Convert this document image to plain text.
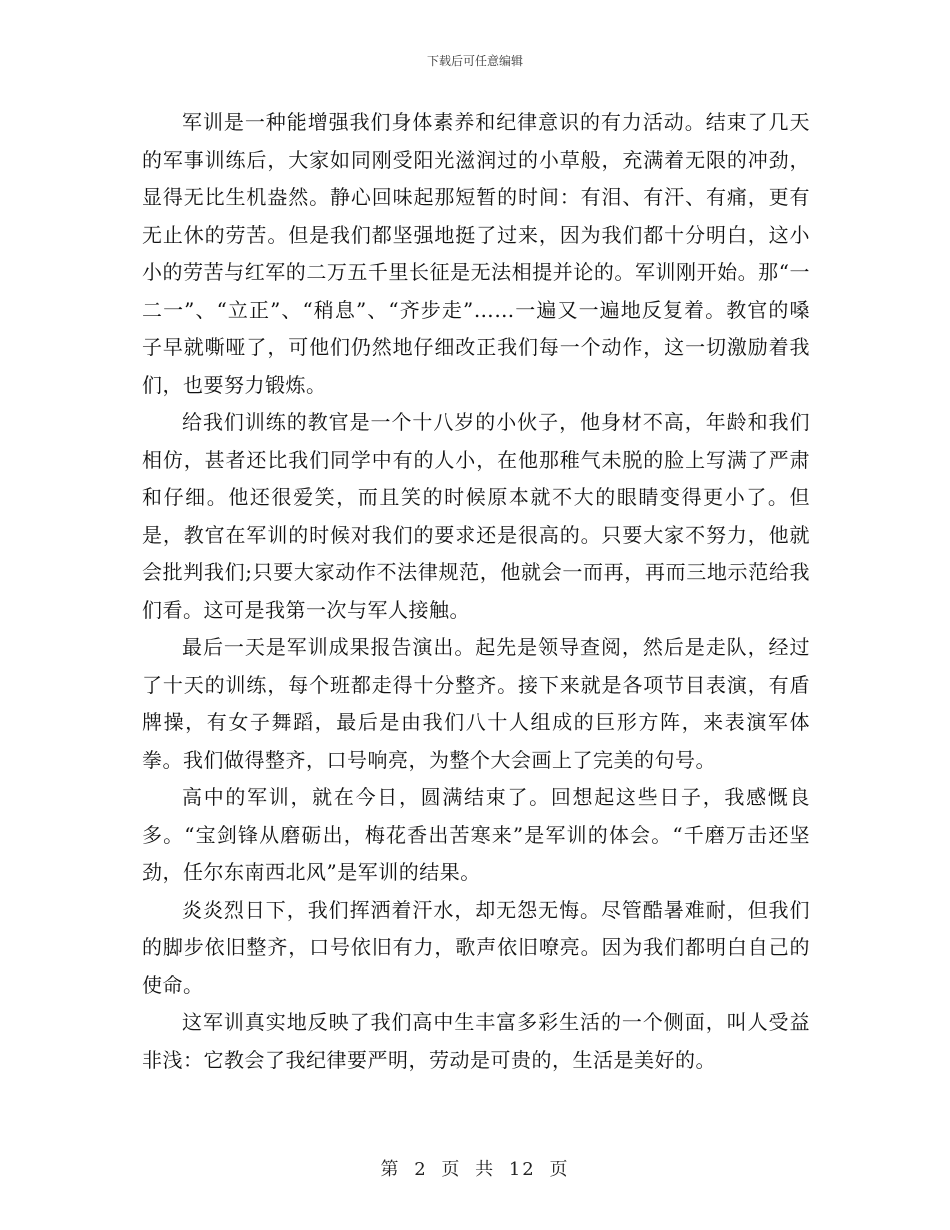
下载后可任意编辑

军训是一种能增强我们身体素养和纪律意识的有力活动。结束了几天的军事训练后，大家如同刚受阳光滋润过的小草般，充满着无限的冲劲，显得无比生机盎然。静心回味起那短暂的时间：有泪、有汗、有痛，更有无止休的劳苦。但是我们都坚强地挺了过来，因为我们都十分明白，这小小的劳苦与红军的二万五千里长征是无法相提并论的。军训刚开始。那“一二一”、“立正”、“稍息”、“齐步走”……一遍又一遍地反复着。教官的嗓子早就嘶哑了，可他们仍然地仔细改正我们每一个动作，这一切激励着我们，也要努力锻炼。

给我们训练的教官是一个十八岁的小伙子，他身材不高，年龄和我们相仿，甚者还比我们同学中有的人小，在他那稚气未脱的脸上写满了严肃和仔细。他还很爱笑，而且笑的时候原本就不大的眼睛变得更小了。但是，教官在军训的时候对我们的要求还是很高的。只要大家不努力，他就会批判我们;只要大家动作不法律规范，他就会一而再，再而三地示范给我们看。这可是我第一次与军人接触。

最后一天是军训成果报告演出。起先是领导查阅，然后是走队，经过了十天的训练，每个班都走得十分整齐。接下来就是各项节目表演，有盾牌操，有女子舞蹈，最后是由我们八十人组成的巨形方阵，来表演军体拳。我们做得整齐，口号响亮，为整个大会画上了完美的句号。

高中的军训，就在今日，圆满结束了。回想起这些日子，我感慨良多。“宝剑锋从磨砺出，梅花香出苦寒来”是军训的体会。“千磨万击还坚劲，任尔东南西北风”是军训的结果。

炎炎烈日下，我们挥洒着汗水，却无怨无悔。尽管酷暑难耐，但我们的脚步依旧整齐，口号依旧有力，歌声依旧嘹亮。因为我们都明白自己的使命。

这军训真实地反映了我们高中生丰富多彩生活的一个侧面，叫人受益非浅：它教会了我纪律要严明，劳动是可贵的，生活是美好的。

第 2 页 共 12 页
